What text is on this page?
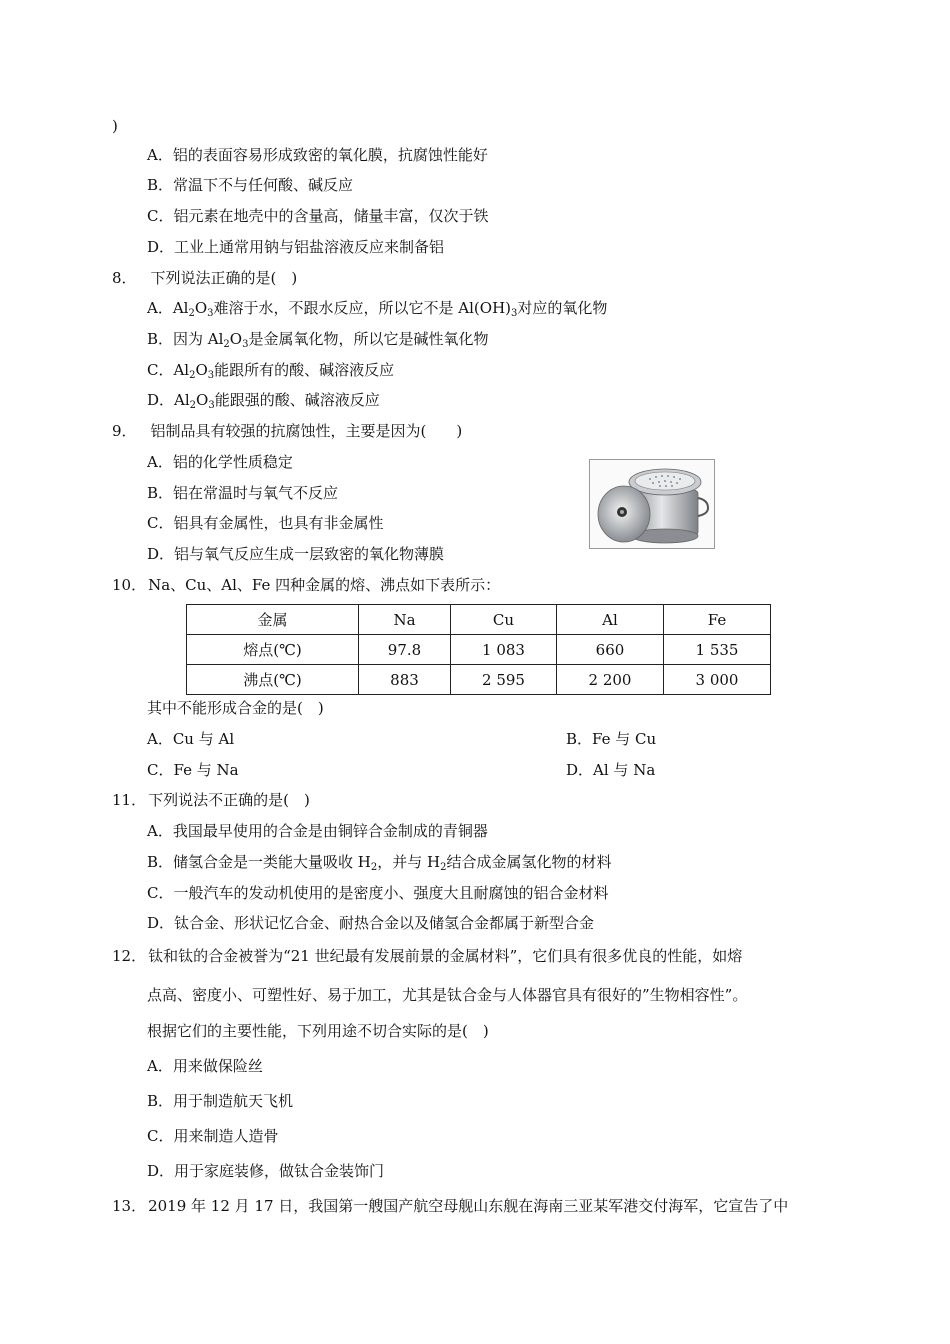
)
A．铝的表面容易形成致密的氧化膜，抗腐蚀性能好
B．常温下不与任何酸、碱反应
C．铝元素在地壳中的含量高，储量丰富，仅次于铁
D．工业上通常用钠与铝盐溶液反应来制备铝
8． 下列说法正确的是(　)
A．$Al_2O_3$难溶于水，不跟水反应，所以它不是 $Al(OH)_3$对应的氧化物
B．因为 $Al_2O_3$是金属氧化物，所以它是碱性氧化物
C．$Al_2O_3$能跟所有的酸、碱溶液反应
D．$Al_2O_3$能跟强的酸、碱溶液反应
9． 铝制品具有较强的抗腐蚀性，主要是因为(　　)
A．铝的化学性质稳定
B．铝在常温时与氧气不反应
C．铝具有金属性，也具有非金属性
D．铝与氧气反应生成一层致密的氧化物薄膜
10． Na、Cu、Al、Fe 四种金属的熔、沸点如下表所示：
金属	Na	Cu	Al	Fe
熔点(℃)	97.8	1 083	660	1 535
沸点(℃)	883	2 595	2 200	3 000
其中不能形成合金的是(　)
A．Cu 与 Al	B．Fe 与 Cu
C．Fe 与 Na	D．Al 与 Na
11． 下列说法不正确的是(　)
A．我国最早使用的合金是由铜锌合金制成的青铜器
B．储氢合金是一类能大量吸收 $H_2$，并与 $H_2$结合成金属氢化物的材料
C．一般汽车的发动机使用的是密度小、强度大且耐腐蚀的铝合金材料
D．钛合金、形状记忆合金、耐热合金以及储氢合金都属于新型合金
12． 钛和钛的合金被誉为“21 世纪最有发展前景的金属材料”，它们具有很多优良的性能，如熔
点高、密度小、可塑性好、易于加工，尤其是钛合金与人体器官具有很好的”生物相容性”。
根据它们的主要性能，下列用途不切合实际的是(　)
A．用来做保险丝
B．用于制造航天飞机
C．用来制造人造骨
D．用于家庭装修，做钛合金装饰门
13． 2019 年 12 月 17 日，我国第一艘国产航空母舰山东舰在海南三亚某军港交付海军，它宣告了中
